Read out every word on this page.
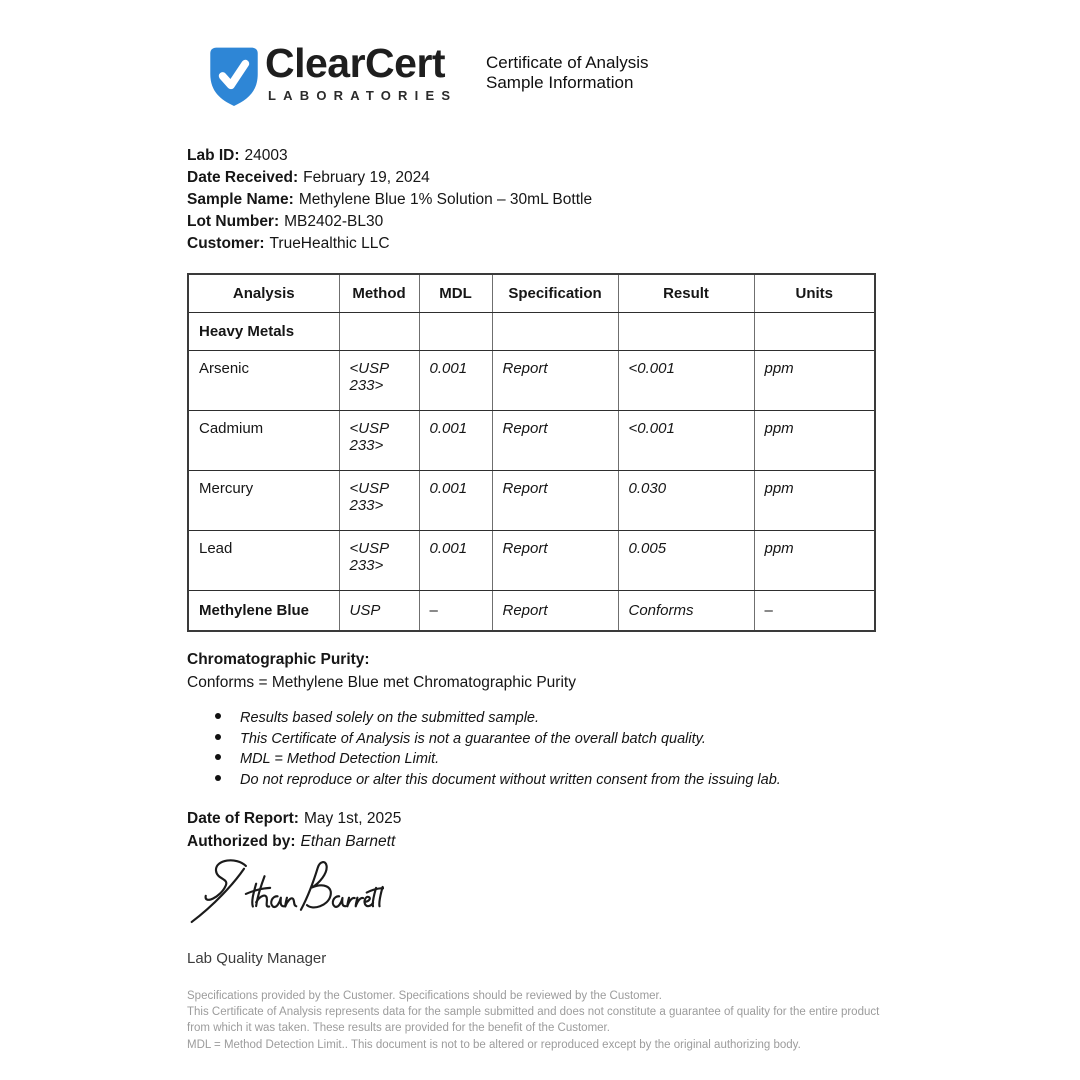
ClearCert
LABORATORIES
Certificate of Analysis
Sample Information
Lab ID: 24003
Date Received: February 19, 2024
Sample Name: Methylene Blue 1% Solution – 30mL Bottle
Lot Number: MB2402-BL30
Customer: TrueHealthic LLC
Analysis	Method	MDL	Specification	Result	Units
Heavy Metals					
Arsenic	<USP 233>	0.001	Report	<0.001	ppm
Cadmium	<USP 233>	0.001	Report	<0.001	ppm
Mercury	<USP 233>	0.001	Report	0.030	ppm
Lead	<USP 233>	0.001	Report	0.005	ppm
Methylene Blue	USP	–	Report	Conforms	–
Chromatographic Purity:
Conforms = Methylene Blue met Chromatographic Purity
Results based solely on the submitted sample.
This Certificate of Analysis is not a guarantee of the overall batch quality.
MDL = Method Detection Limit.
Do not reproduce or alter this document without written consent from the issuing lab.
Date of Report: May 1st, 2025
Authorized by: Ethan Barnett
Lab Quality Manager
Specifications provided by the Customer. Specifications should be reviewed by the Customer.
This Certificate of Analysis represents data for the sample submitted and does not constitute a guarantee of quality for the entire product
from which it was taken. These results are provided for the benefit of the Customer.
MDL = Method Detection Limit.. This document is not to be altered or reproduced except by the original authorizing body.
